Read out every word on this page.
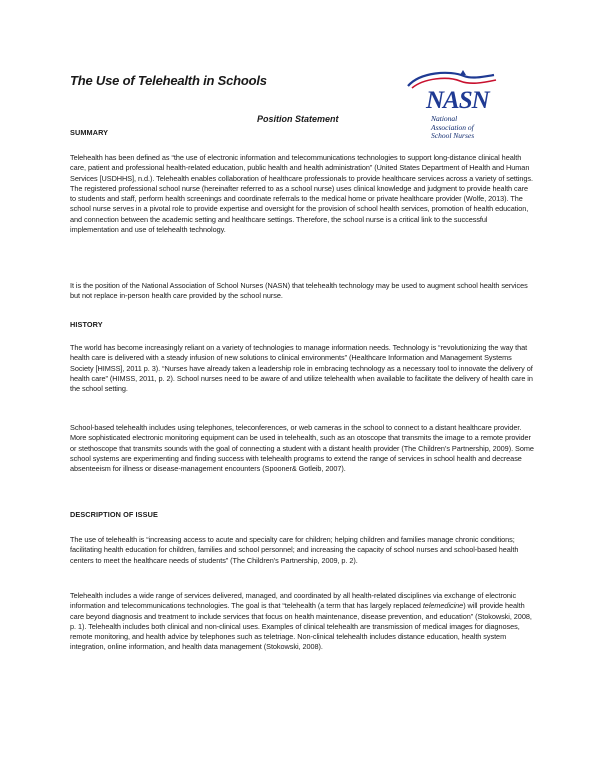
The Use of Telehealth in Schools
NASN
National
Association of
School Nurses
Position Statement
SUMMARY

Telehealth has been defined as “the use of electronic information and telecommunications technologies to support long-distance clinical health care, patient and professional health-related education, public health and health administration” (United States Department of Health and Human Services [USDHHS], n.d.). Telehealth enables collaboration of healthcare professionals to provide healthcare services across a variety of settings. The registered professional school nurse (hereinafter referred to as a school nurse) uses clinical knowledge and judgment to provide health care to students and staff, perform health screenings and coordinate referrals to the medical home or private healthcare provider (Wolfe, 2013). The school nurse serves in a pivotal role to provide expertise and oversight for the provision of school health services, promotion of health education, and connection between the academic setting and healthcare settings. Therefore, the school nurse is a critical link to the successful implementation and use of telehealth technology.

It is the position of the National Association of School Nurses (NASN) that telehealth technology may be used to augment school health services but not replace in-person health care provided by the school nurse.

HISTORY

The world has become increasingly reliant on a variety of technologies to manage information needs. Technology is “revolutionizing the way that health care is delivered with a steady infusion of new solutions to clinical environments” (Healthcare Information and Management Systems Society [HIMSS], 2011 p. 3). “Nurses have already taken a leadership role in embracing technology as a necessary tool to innovate the delivery of health care” (HIMSS, 2011, p. 2). School nurses need to be aware of and utilize telehealth when available to facilitate the delivery of health care in the school setting.

School-based telehealth includes using telephones, teleconferences, or web cameras in the school to connect to a distant healthcare provider. More sophisticated electronic monitoring equipment can be used in telehealth, such as an otoscope that transmits the image to a remote provider or stethoscope that transmits sounds with the goal of connecting a student with a distant health provider (The Children’s Partnership, 2009). Some school systems are experimenting and finding success with telehealth programs to extend the range of services in school health and decrease absenteeism for illness or disease-management encounters (Spooner& Gotleib, 2007).

DESCRIPTION OF ISSUE

The use of telehealth is “increasing access to acute and specialty care for children; helping children and families manage chronic conditions; facilitating health education for children, families and school personnel; and increasing the capacity of school nurses and school-based health centers to meet the healthcare needs of students” (The Children’s Partnership, 2009, p. 2).

Telehealth includes a wide range of services delivered, managed, and coordinated by all health-related disciplines via exchange of electronic information and telecommunications technologies. The goal is that “telehealth (a term that has largely replaced telemedicine) will provide health care beyond diagnosis and treatment to include services that focus on health maintenance, disease prevention, and education” (Stokowski, 2008, p. 1). Telehealth includes both clinical and non-clinical uses. Examples of clinical telehealth are transmission of medical images for diagnoses, remote monitoring, and health advice by telephones such as teletriage. Non-clinical telehealth includes distance education, health system integration, online information, and health data management (Stokowski, 2008).
